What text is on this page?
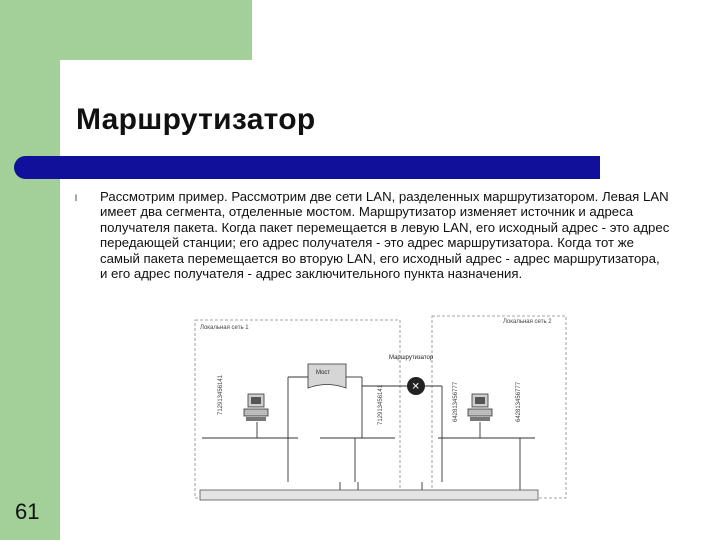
Маршрутизатор
l Рассмотрим пример. Рассмотрим две сети LAN, разделенных маршрутизатором. Левая LAN имеет два сегмента, отделенные мостом. Маршрутизатор изменяет источник и адреса получателя пакета. Когда пакет перемещается в левую LAN, его исходный адрес - это адрес передающей станции; его адрес получателя - это адрес маршрутизатора. Когда тот же самый пакета перемещается во вторую LAN, его исходный адрес - адрес маршрутизатора, и его адрес получателя - адрес заключительного пункта назначения.

Локальная сеть 1
Локальная сеть 2
712913456141	712913456141	642813456777	642813456777
Мост
Маршрутизатор
✕
61
